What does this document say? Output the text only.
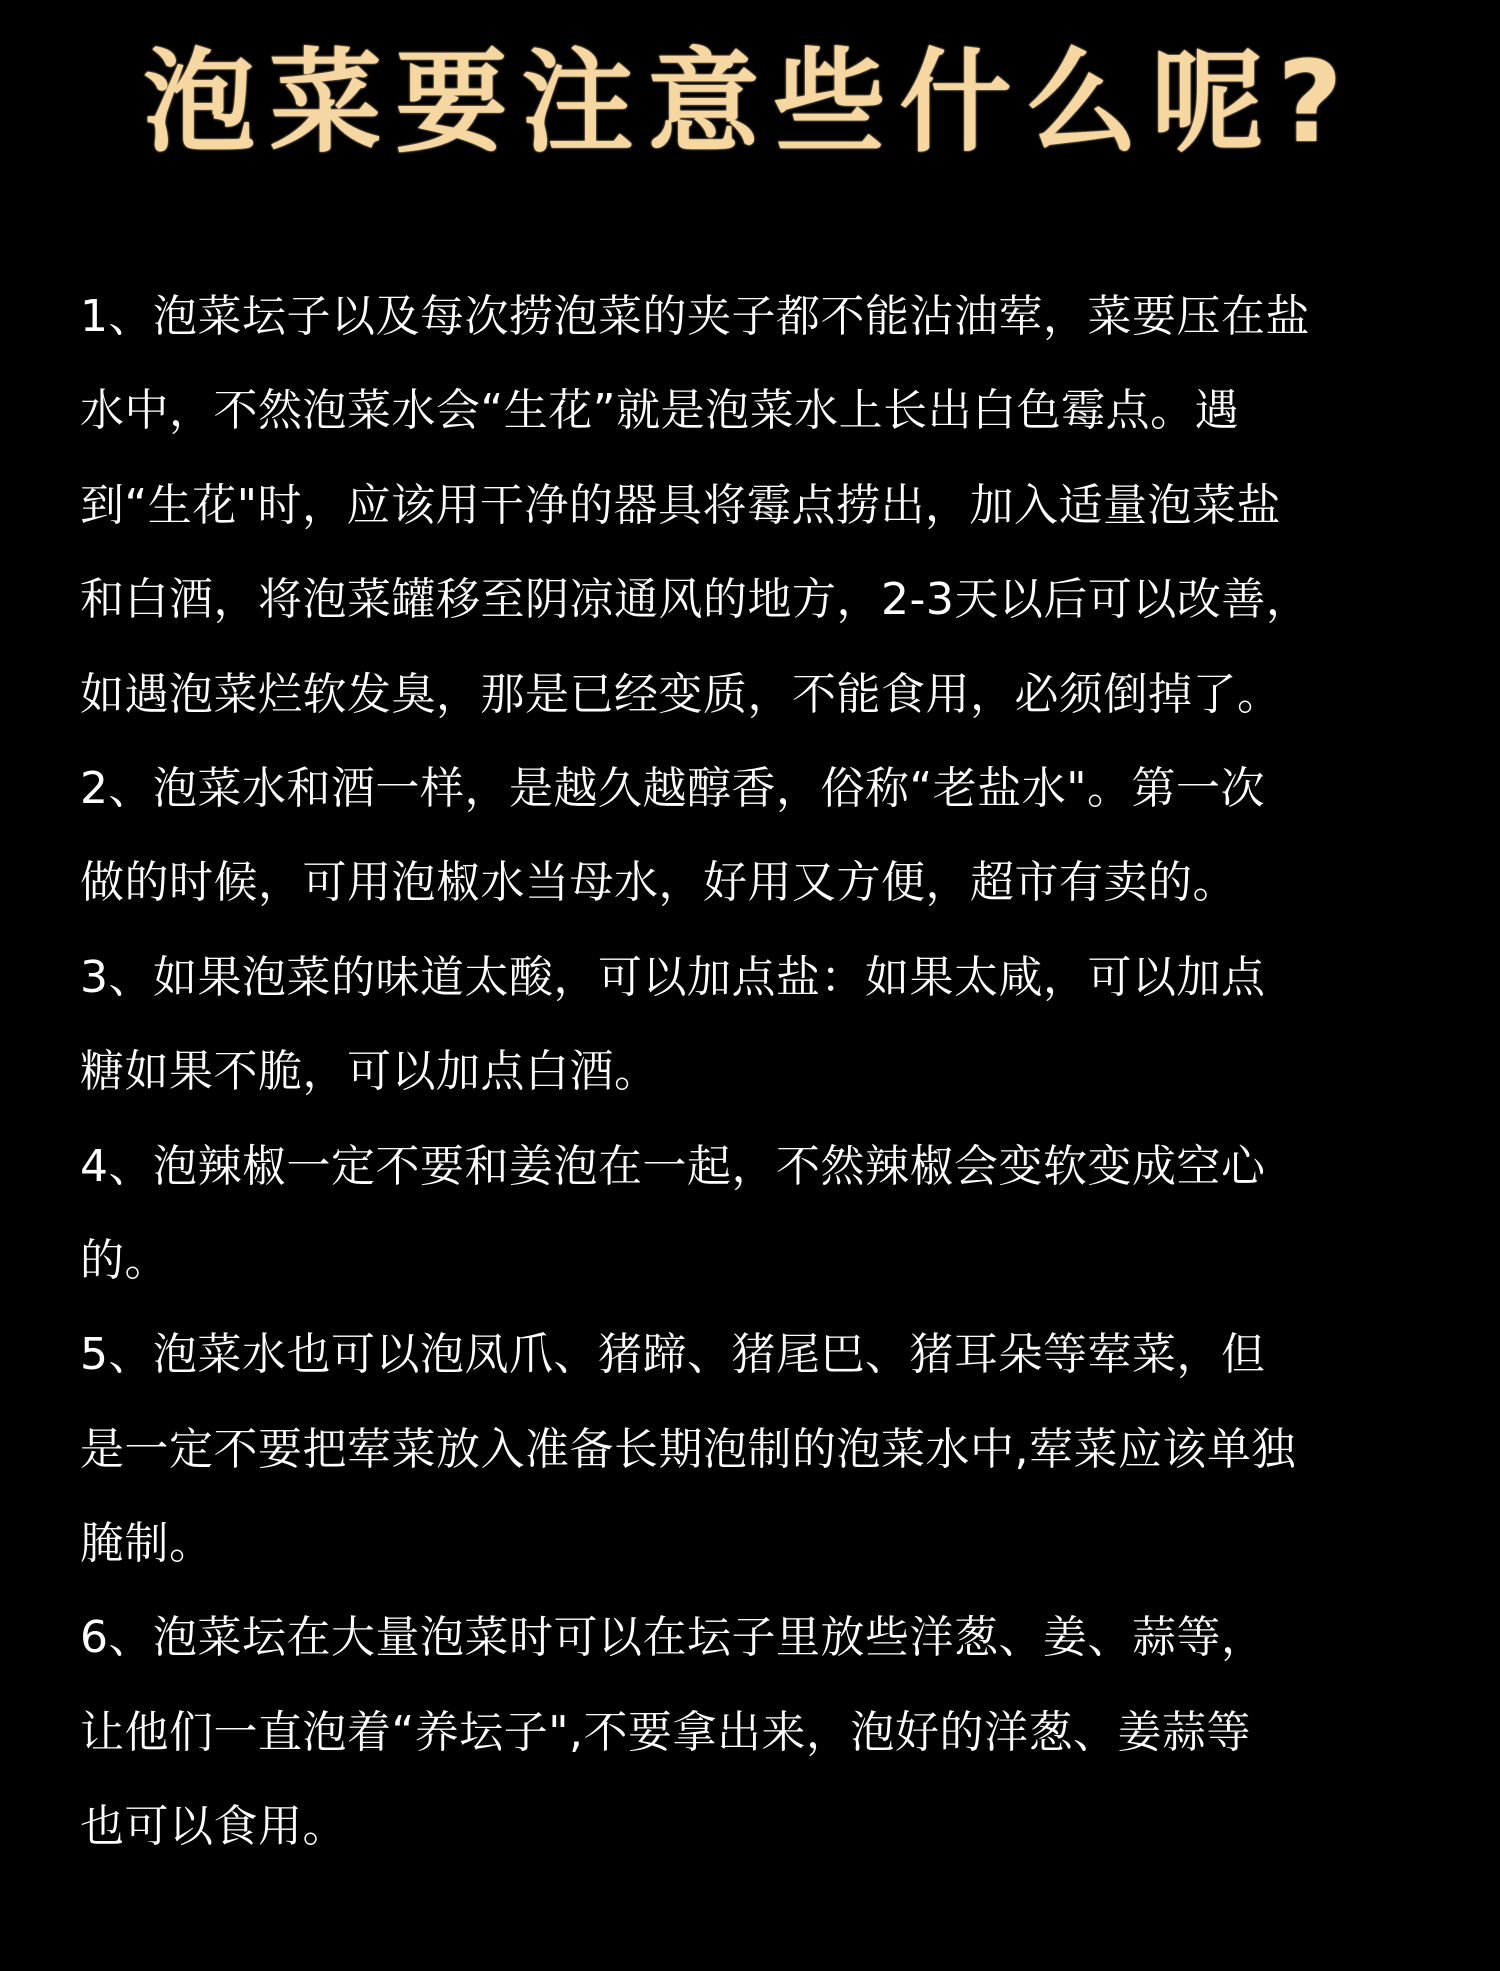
泡菜要注意些什么呢?
1、泡菜坛子以及每次捞泡菜的夹子都不能沾油荤，菜要压在盐
水中，不然泡菜水会“生花”就是泡菜水上长出白色霉点。遇
到“生花"时，应该用干净的器具将霉点捞出，加入适量泡菜盐
和白酒，将泡菜罐移至阴凉通风的地方，2-3天以后可以改善，
如遇泡菜烂软发臭，那是已经变质，不能食用，必须倒掉了。
2、泡菜水和酒一样，是越久越醇香，俗称“老盐水"。第一次
做的时候，可用泡椒水当母水，好用又方便，超市有卖的。
3、如果泡菜的味道太酸，可以加点盐：如果太咸，可以加点
糖如果不脆，可以加点白酒。
4、泡辣椒一定不要和姜泡在一起，不然辣椒会变软变成空心
的。
5、泡菜水也可以泡凤爪、猪蹄、猪尾巴、猪耳朵等荤菜，但
是一定不要把荤菜放入准备长期泡制的泡菜水中,荤菜应该单独
腌制。
6、泡菜坛在大量泡菜时可以在坛子里放些洋葱、姜、蒜等，
让他们一直泡着“养坛子",不要拿出来，泡好的洋葱、姜蒜等
也可以食用。
